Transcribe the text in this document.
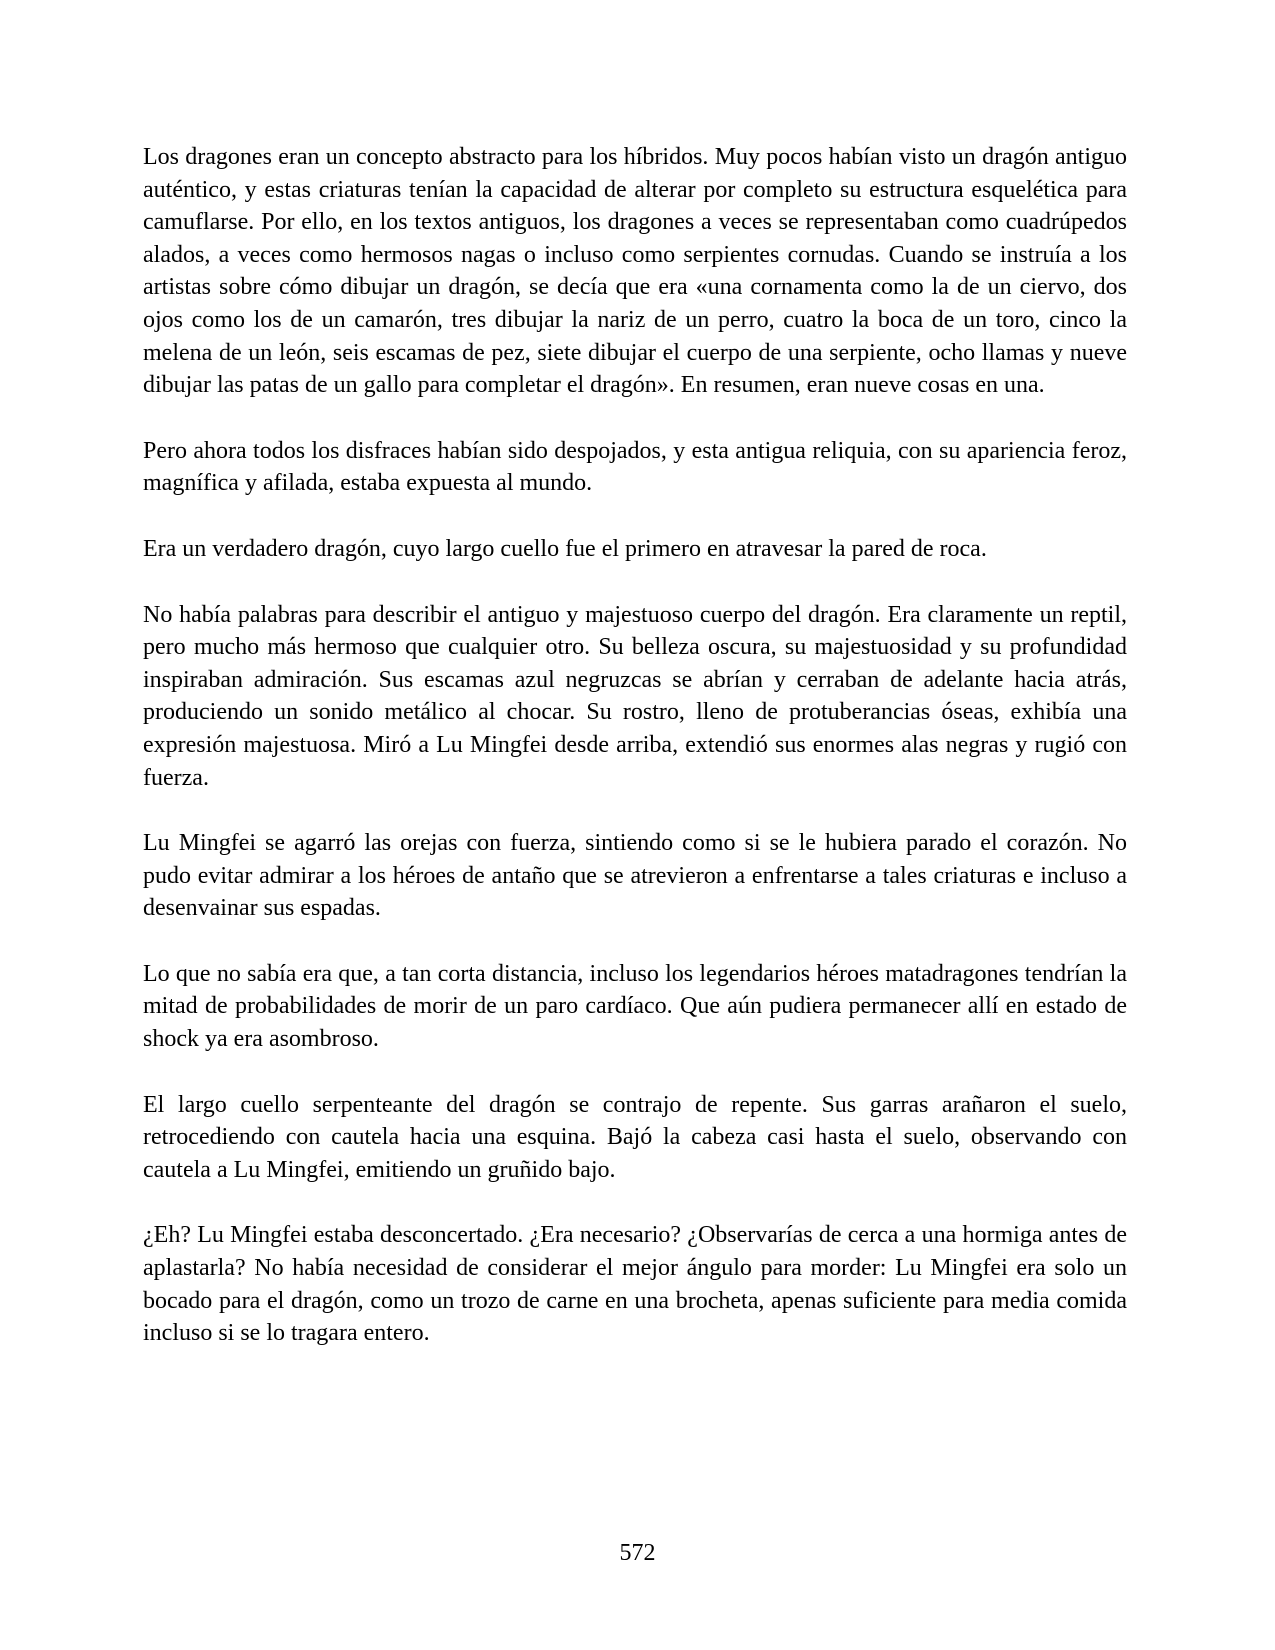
Los dragones eran un concepto abstracto para los híbridos. Muy pocos habían visto un dragón antiguo auténtico, y estas criaturas tenían la capacidad de alterar por completo su estructura esquelética para camuflarse. Por ello, en los textos antiguos, los dragones a veces se representaban como cuadrúpedos alados, a veces como hermosos nagas o incluso como serpientes cornudas. Cuando se instruía a los artistas sobre cómo dibujar un dragón, se decía que era «una cornamenta como la de un ciervo, dos ojos como los de un camarón, tres dibujar la nariz de un perro, cuatro la boca de un toro, cinco la melena de un león, seis escamas de pez, siete dibujar el cuerpo de una serpiente, ocho llamas y nueve dibujar las patas de un gallo para completar el dragón». En resumen, eran nueve cosas en una.

Pero ahora todos los disfraces habían sido despojados, y esta antigua reliquia, con su apariencia feroz, magnífica y afilada, estaba expuesta al mundo.

Era un verdadero dragón, cuyo largo cuello fue el primero en atravesar la pared de roca.

No había palabras para describir el antiguo y majestuoso cuerpo del dragón. Era claramente un reptil, pero mucho más hermoso que cualquier otro. Su belleza oscura, su majestuosidad y su profundidad inspiraban admiración. Sus escamas azul negruzcas se abrían y cerraban de adelante hacia atrás, produciendo un sonido metálico al chocar. Su rostro, lleno de protuberancias óseas, exhibía una expresión majestuosa. Miró a Lu Mingfei desde arriba, extendió sus enormes alas negras y rugió con fuerza.

Lu Mingfei se agarró las orejas con fuerza, sintiendo como si se le hubiera parado el corazón. No pudo evitar admirar a los héroes de antaño que se atrevieron a enfrentarse a tales criaturas e incluso a desenvainar sus espadas.

Lo que no sabía era que, a tan corta distancia, incluso los legendarios héroes matadragones tendrían la mitad de probabilidades de morir de un paro cardíaco. Que aún pudiera permanecer allí en estado de shock ya era asombroso.

El largo cuello serpenteante del dragón se contrajo de repente. Sus garras arañaron el suelo, retrocediendo con cautela hacia una esquina. Bajó la cabeza casi hasta el suelo, observando con cautela a Lu Mingfei, emitiendo un gruñido bajo.

¿Eh? Lu Mingfei estaba desconcertado. ¿Era necesario? ¿Observarías de cerca a una hormiga antes de aplastarla? No había necesidad de considerar el mejor ángulo para morder: Lu Mingfei era solo un bocado para el dragón, como un trozo de carne en una brocheta, apenas suficiente para media comida incluso si se lo tragara entero.

572
